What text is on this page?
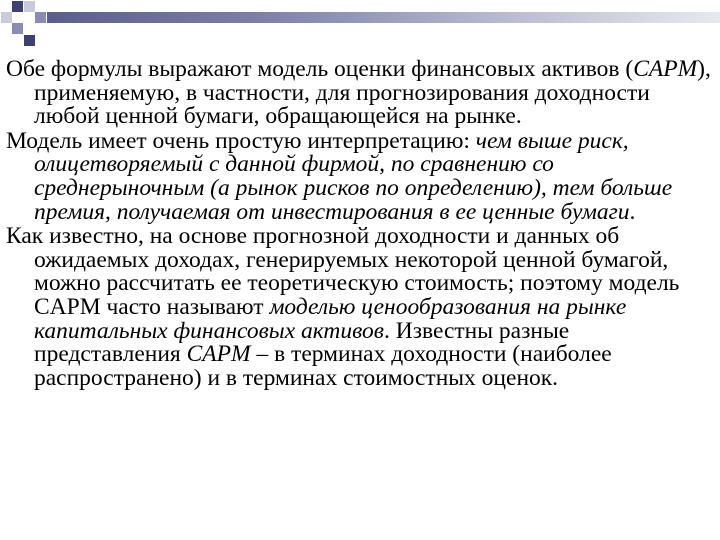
Обе формулы выражают модель оценки финансовых активов (CAPM), применяемую, в частности, для прогнозирования доходности любой ценной бумаги, обращающейся на рынке.

Модель имеет очень простую интерпретацию: чем выше риск, олицетворяемый с данной фирмой, по сравнению со среднерыночным (а рынок рисков по определению), тем больше премия, получаемая от инвестирования в ее ценные бумаги.

Как известно, на основе прогнозной доходности и данных об ожидаемых доходах, генерируемых некоторой ценной бумагой, можно рассчитать ее теоретическую стоимость; поэтому модель CAPM часто называют моделью ценообразования на рынке капитальных финансовых активов. Известны разные представления CAPM – в терминах доходности (наиболее распространено) и в терминах стоимостных оценок.
